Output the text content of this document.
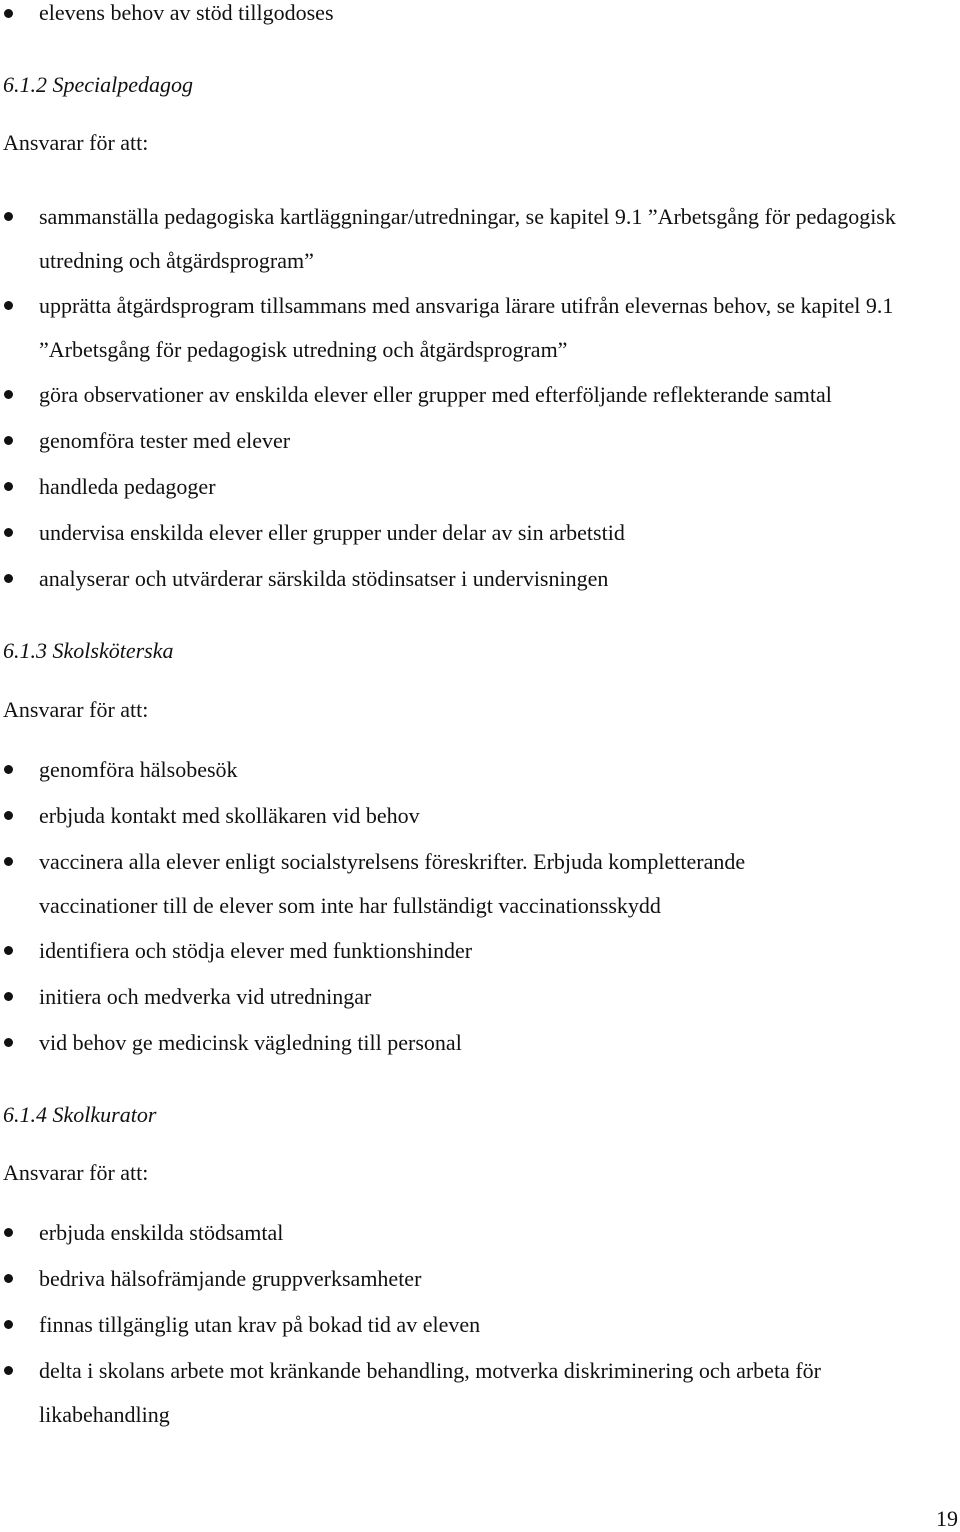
elevens behov av stöd tillgodoses
6.1.2 Specialpedagog
Ansvarar för att:
sammanställa pedagogiska kartläggningar/utredningar, se kapitel 9.1 ”Arbetsgång för pedagogisk utredning och åtgärdsprogram”
upprätta åtgärdsprogram tillsammans med ansvariga lärare utifrån elevernas behov, se kapitel 9.1 ”Arbetsgång för pedagogisk utredning och åtgärdsprogram”
göra observationer av enskilda elever eller grupper med efterföljande reflekterande samtal
genomföra tester med elever
handleda pedagoger
undervisa enskilda elever eller grupper under delar av sin arbetstid
analyserar och utvärderar särskilda stödinsatser i undervisningen
6.1.3 Skolsköterska
Ansvarar för att:
genomföra hälsobesök
erbjuda kontakt med skolläkaren vid behov
vaccinera alla elever enligt socialstyrelsens föreskrifter. Erbjuda kompletterande vaccinationer till de elever som inte har fullständigt vaccinationsskydd
identifiera och stödja elever med funktionshinder
initiera och medverka vid utredningar
vid behov ge medicinsk vägledning till personal
6.1.4 Skolkurator
Ansvarar för att:
erbjuda enskilda stödsamtal
bedriva hälsofrämjande gruppverksamheter
finnas tillgänglig utan krav på bokad tid av eleven
delta i skolans arbete mot kränkande behandling, motverka diskriminering och arbeta för likabehandling
19
